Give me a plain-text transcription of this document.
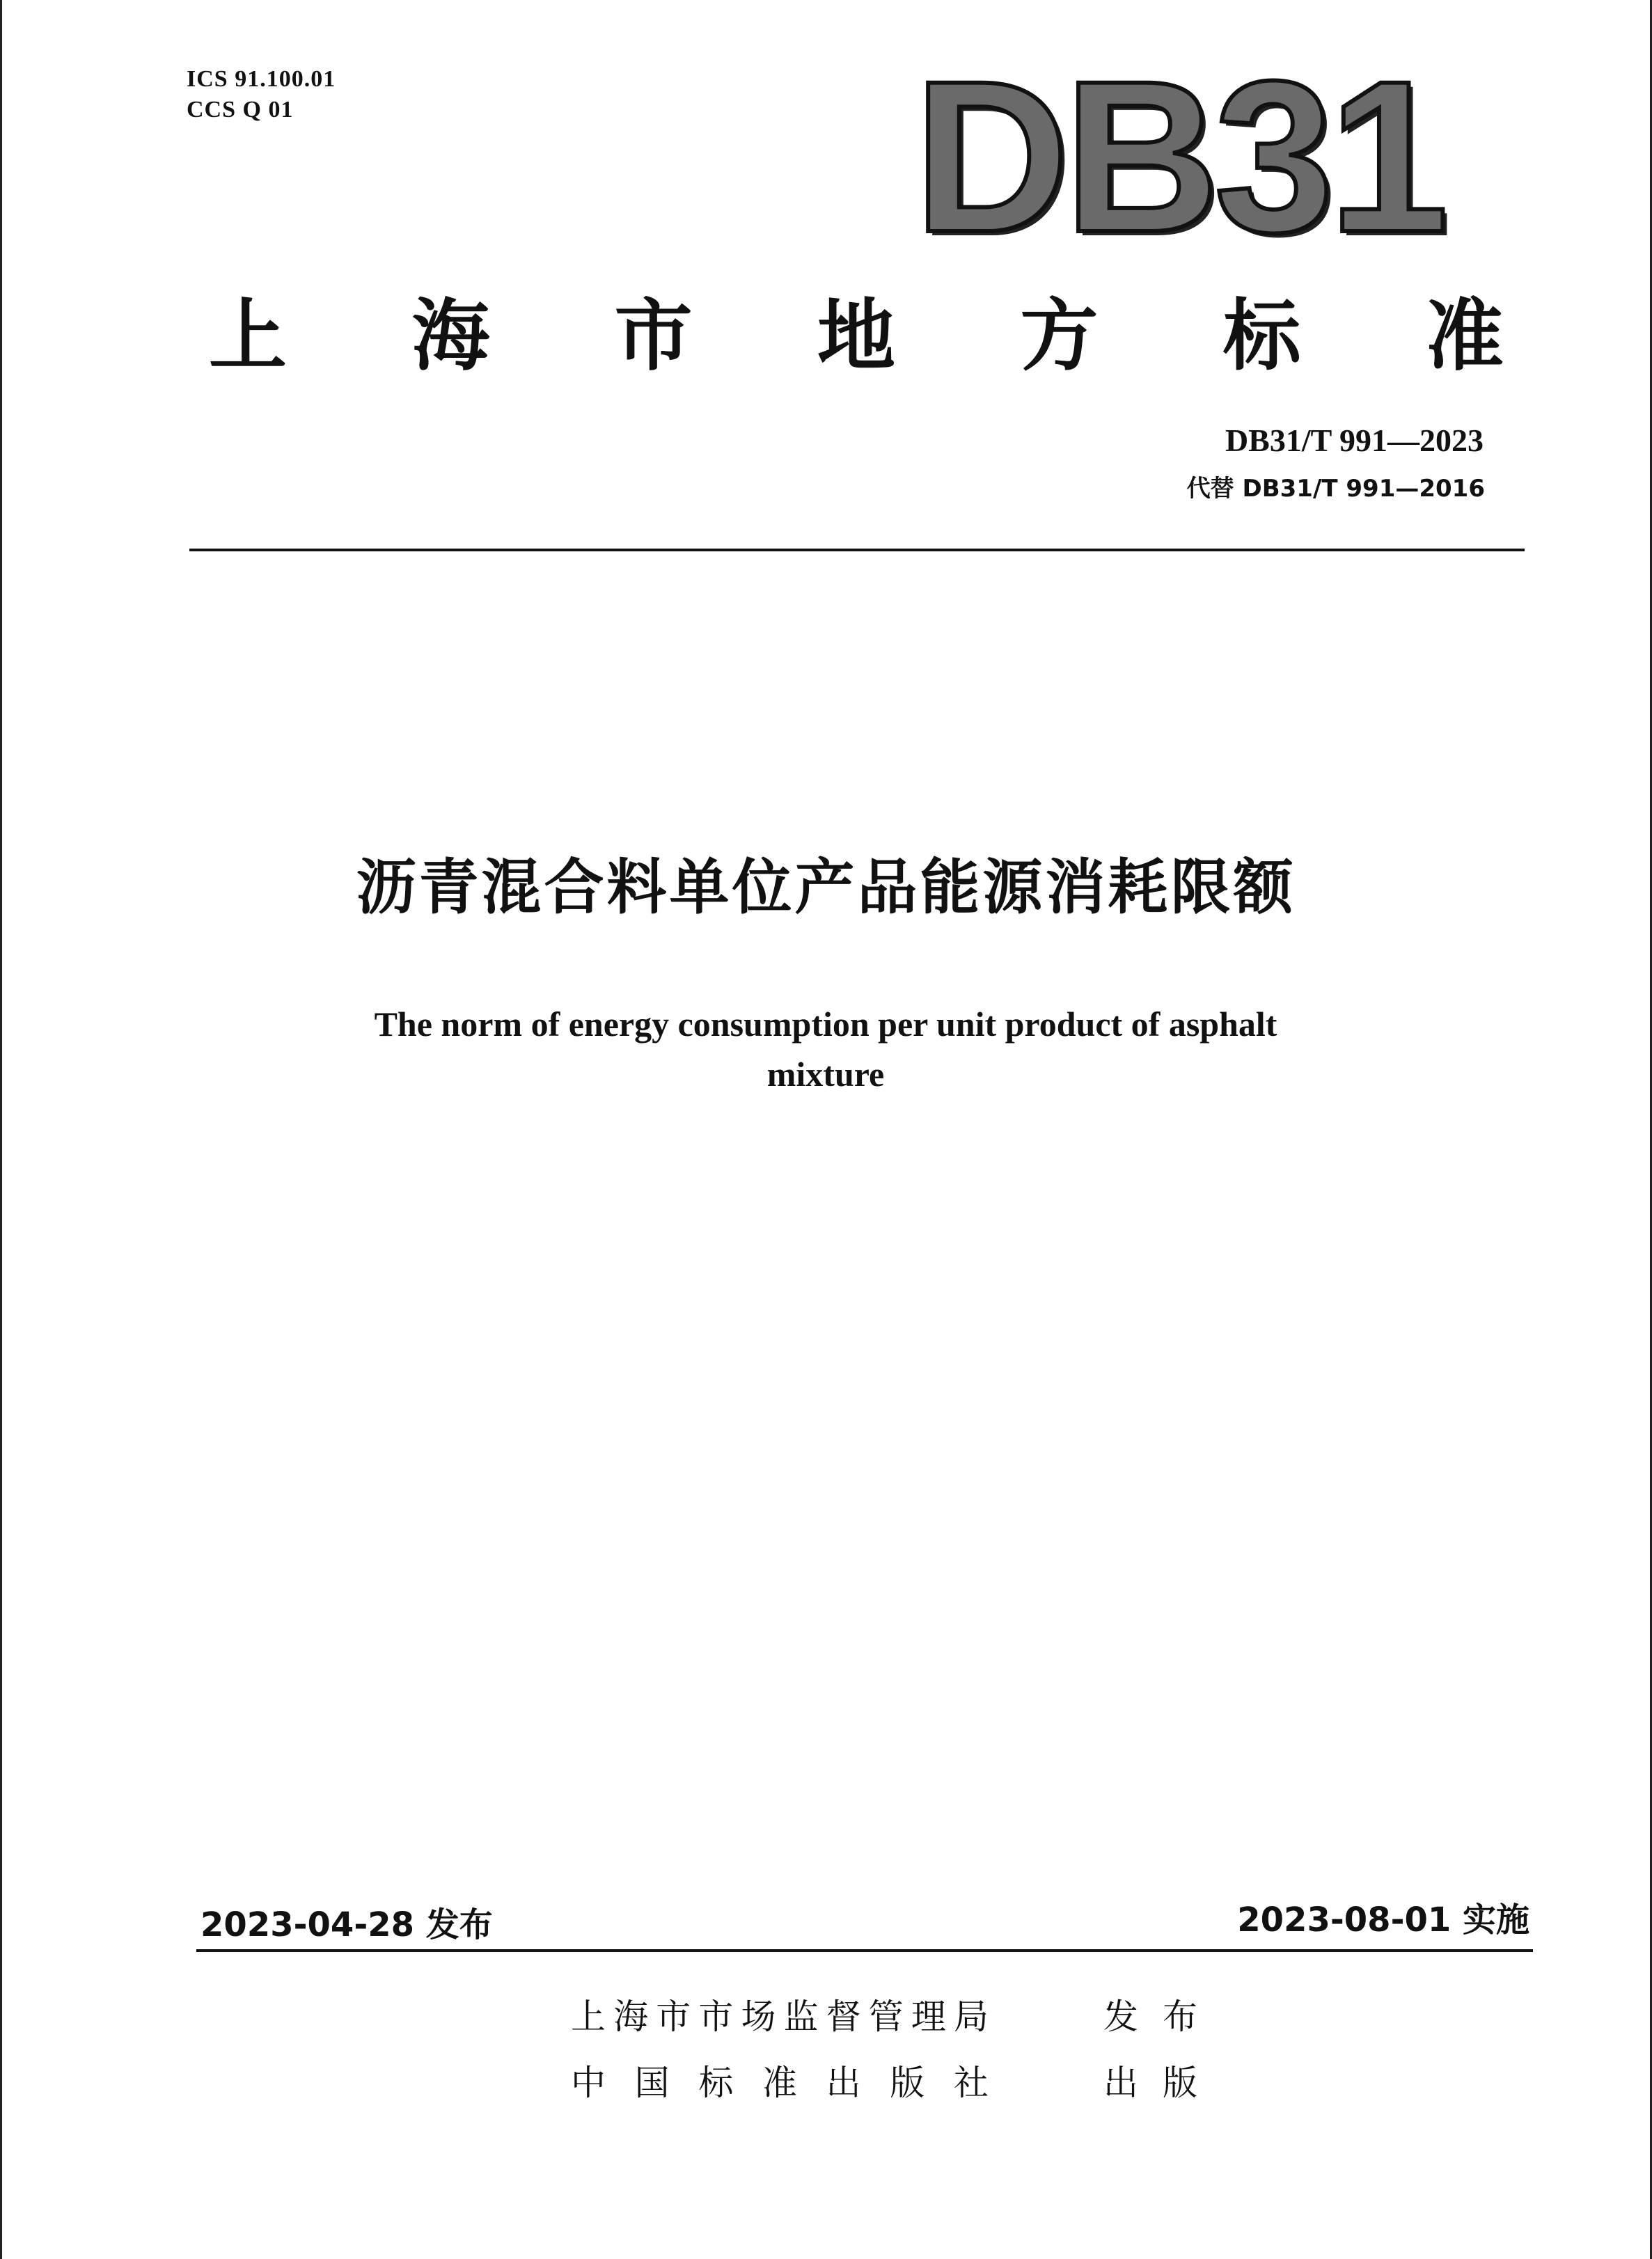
ICS 91.100.01
CCS Q 01	DB31
上 海 市 地 方 标 准
DB31/T 991—2023
代替 DB31/T 991—2016
沥青混合料单位产品能源消耗限额
The norm of energy consumption per unit product of asphalt
mixture
2023-04-28 发布	2023-08-01 实施
上 海 市 市 场 监 督 管 理 局	发 布
中 国 标 准 出 版 社	出 版
